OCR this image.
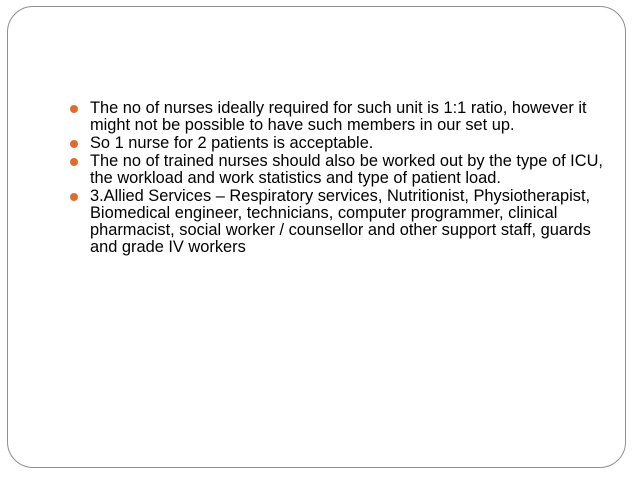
The no of nurses ideally required for such unit is 1:1 ratio, however it might not be possible to have such members in our set up.
So 1 nurse for 2 patients is acceptable.
The no of trained nurses should also be worked out by the type of ICU, the workload and work statistics and type of patient load.
3.Allied Services – Respiratory services, Nutritionist, Physiotherapist, Biomedical engineer, technicians, computer programmer, clinical pharmacist, social worker / counsellor and other support staff, guards and grade IV workers
